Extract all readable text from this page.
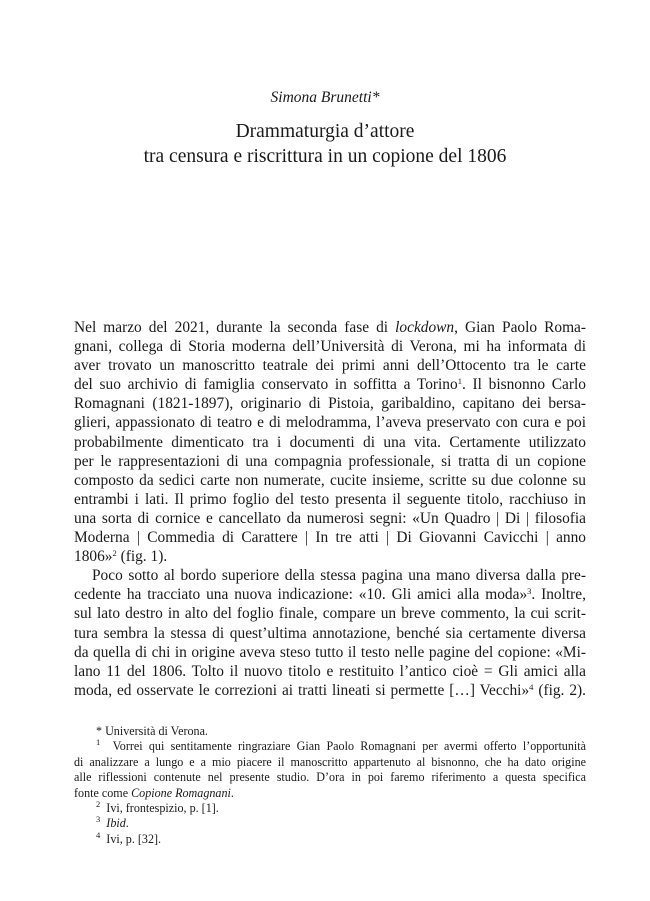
Simona Brunetti*
Drammaturgia d’attore
tra censura e riscrittura in un copione del 1806
Nel marzo del 2021, durante la seconda fase di lockdown, Gian Paolo Roma-
gnani, collega di Storia moderna dell’Università di Verona, mi ha informata di
aver trovato un manoscritto teatrale dei primi anni dell’Ottocento tra le carte
del suo archivio di famiglia conservato in soffitta a Torino$^1$. Il bisnonno Carlo
Romagnani (1821-1897), originario di Pistoia, garibaldino, capitano dei bersa-
glieri, appassionato di teatro e di melodramma, l’aveva preservato con cura e poi
probabilmente dimenticato tra i documenti di una vita. Certamente utilizzato
per le rappresentazioni di una compagnia professionale, si tratta di un copione
composto da sedici carte non numerate, cucite insieme, scritte su due colonne su
entrambi i lati. Il primo foglio del testo presenta il seguente titolo, racchiuso in
una sorta di cornice e cancellato da numerosi segni: «Un Quadro | Di | filosofia
Moderna | Commedia di Carattere | In tre atti | Di Giovanni Cavicchi | anno
1806»$^2$ (fig. 1).
Poco sotto al bordo superiore della stessa pagina una mano diversa dalla pre-
cedente ha tracciato una nuova indicazione: «10. Gli amici alla moda»$^3$. Inoltre,
sul lato destro in alto del foglio finale, compare un breve commento, la cui scrit-
tura sembra la stessa di quest’ultima annotazione, benché sia certamente diversa
da quella di chi in origine aveva steso tutto il testo nelle pagine del copione: «Mi-
lano 11 del 1806. Tolto il nuovo titolo e restituito l’antico cioè = Gli amici alla
moda, ed osservate le correzioni ai tratti lineati si permette […] Vecchi»$^4$ (fig. 2).
* Università di Verona.
$^1$ Vorrei qui sentitamente ringraziare Gian Paolo Romagnani per avermi offerto l’opportunità
di analizzare a lungo e a mio piacere il manoscritto appartenuto al bisnonno, che ha dato origine
alle riflessioni contenute nel presente studio. D’ora in poi faremo riferimento a questa specifica
fonte come Copione Romagnani.
$^2$ Ivi, frontespizio, p. [1].
$^3$ Ibid.
$^4$ Ivi, p. [32].
